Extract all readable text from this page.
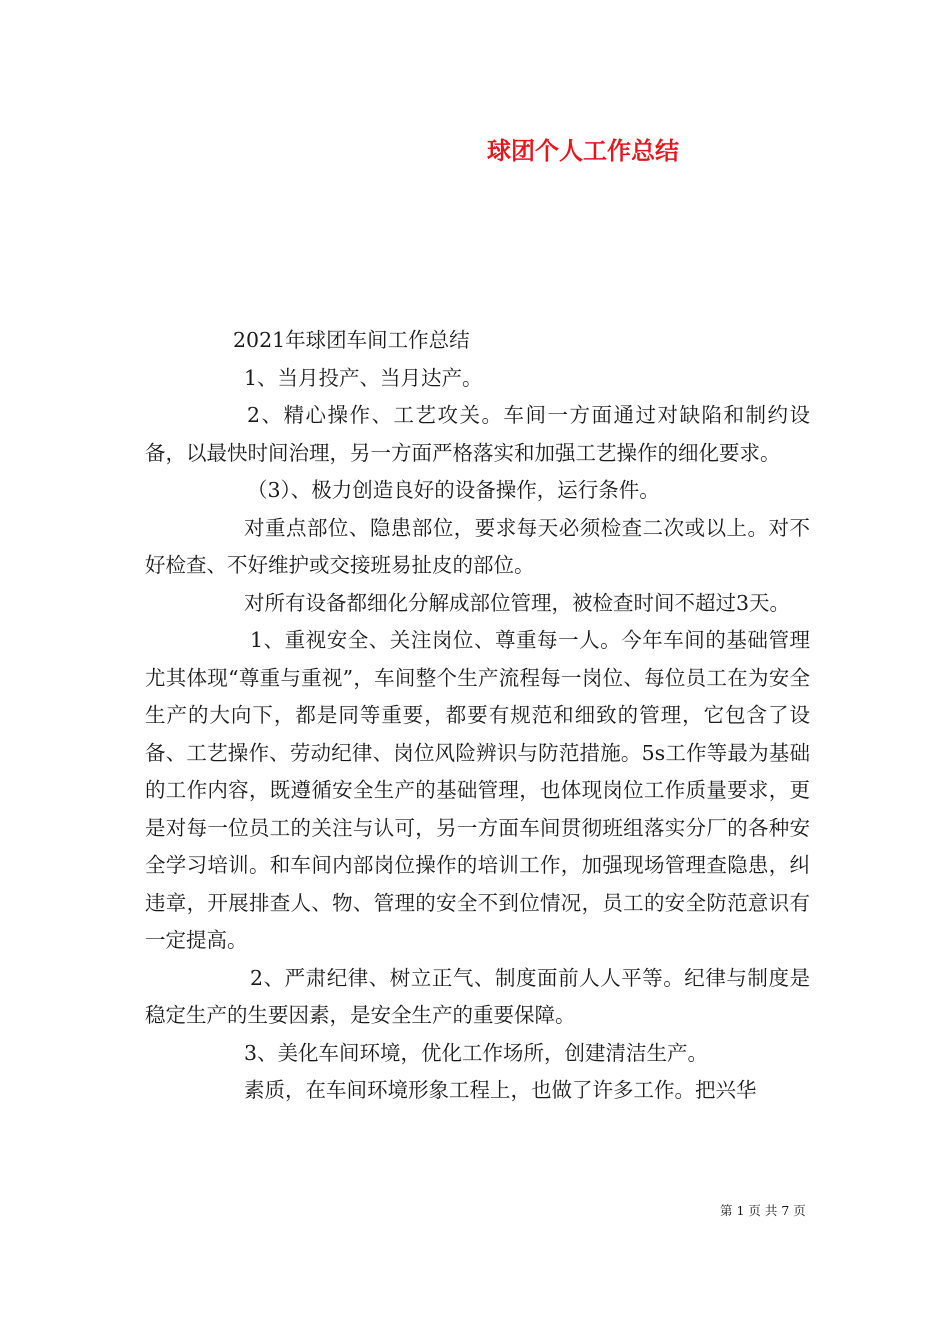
球团个人工作总结

2021年球团车间工作总结

1、当月投产、当月达产。

2、精心操作、工艺攻关。车间一方面通过对缺陷和制约设备，以最快时间治理，另一方面严格落实和加强工艺操作的细化要求。

（3）、极力创造良好的设备操作，运行条件。

对重点部位、隐患部位，要求每天必须检查二次或以上。对不好检查、不好维护或交接班易扯皮的部位。

对所有设备都细化分解成部位管理，被检查时间不超过3天。

1、重视安全、关注岗位、尊重每一人。今年车间的基础管理尤其体现“尊重与重视”，车间整个生产流程每一岗位、每位员工在为安全生产的大向下，都是同等重要，都要有规范和细致的管理，它包含了设备、工艺操作、劳动纪律、岗位风险辨识与防范措施。5s工作等最为基础的工作内容，既遵循安全生产的基础管理，也体现岗位工作质量要求，更是对每一位员工的关注与认可，另一方面车间贯彻班组落实分厂的各种安全学习培训。和车间内部岗位操作的培训工作，加强现场管理查隐患，纠违章，开展排查人、物、管理的安全不到位情况，员工的安全防范意识有一定提高。

2、严肃纪律、树立正气、制度面前人人平等。纪律与制度是稳定生产的生要因素，是安全生产的重要保障。

3、美化车间环境，优化工作场所，创建清洁生产。

素质，在车间环境形象工程上，也做了许多工作。把兴华

第 1 页 共 7 页
